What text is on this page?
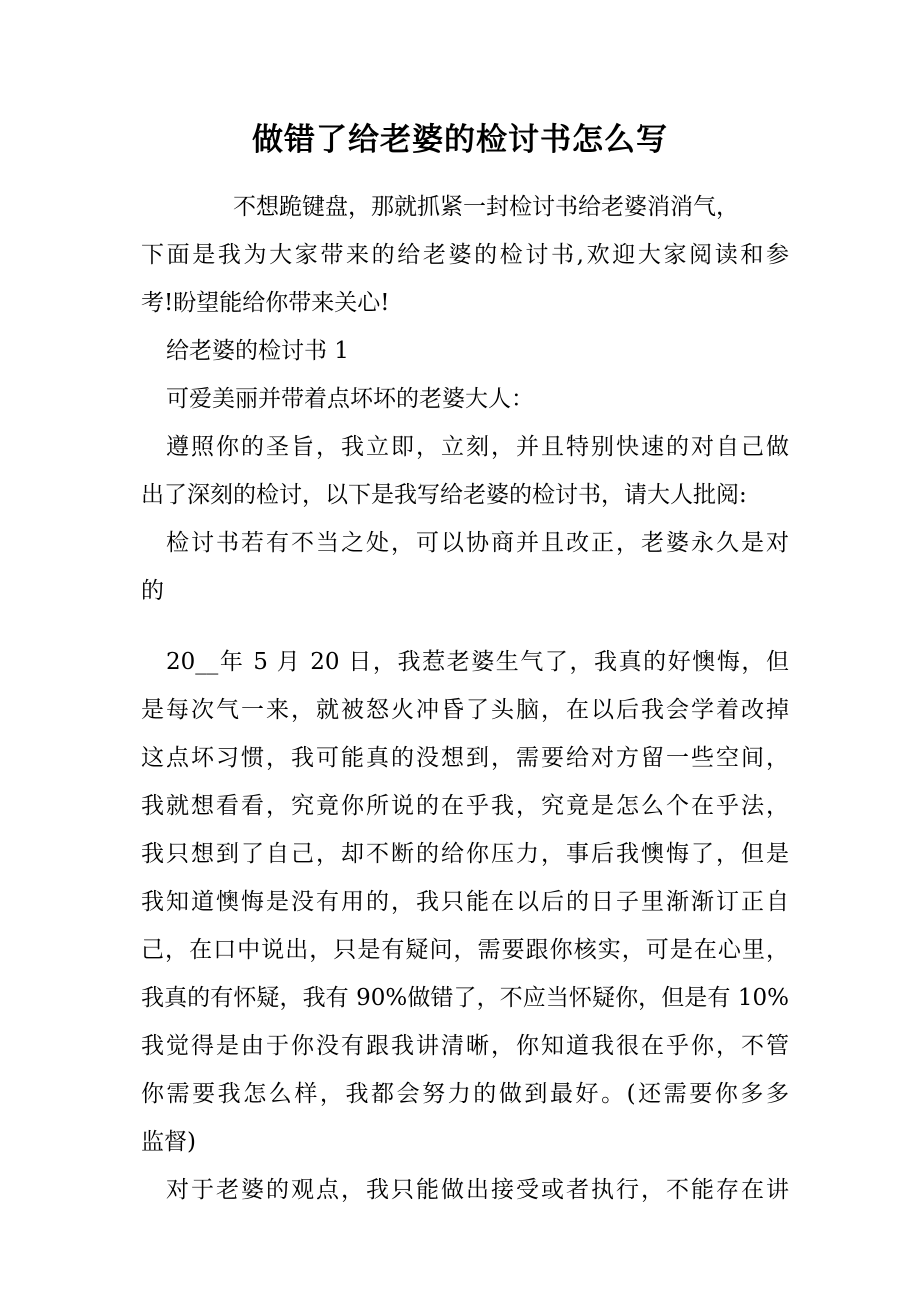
做错了给老婆的检讨书怎么写
不想跪键盘，那就抓紧一封检讨书给老婆消消气，
下面是我为大家带来的给老婆的检讨书,欢迎大家阅读和参
考!盼望能给你带来关心!
给老婆的检讨书 1
可爱美丽并带着点坏坏的老婆大人：
遵照你的圣旨，我立即，立刻，并且特别快速的对自己做
出了深刻的检讨，以下是我写给老婆的检讨书，请大人批阅:
检讨书若有不当之处，可以协商并且改正，老婆永久是对
的
20__年 5 月 20 日，我惹老婆生气了，我真的好懊悔，但
是每次气一来，就被怒火冲昏了头脑，在以后我会学着改掉
这点坏习惯，我可能真的没想到，需要给对方留一些空间，
我就想看看，究竟你所说的在乎我，究竟是怎么个在乎法，
我只想到了自己，却不断的给你压力，事后我懊悔了，但是
我知道懊悔是没有用的，我只能在以后的日子里渐渐订正自
己，在口中说出，只是有疑问，需要跟你核实，可是在心里，
我真的有怀疑，我有 90%做错了，不应当怀疑你，但是有 10%
我觉得是由于你没有跟我讲清晰，你知道我很在乎你，不管
你需要我怎么样，我都会努力的做到最好。(还需要你多多
监督)
对于老婆的观点，我只能做出接受或者执行，不能存在讲
